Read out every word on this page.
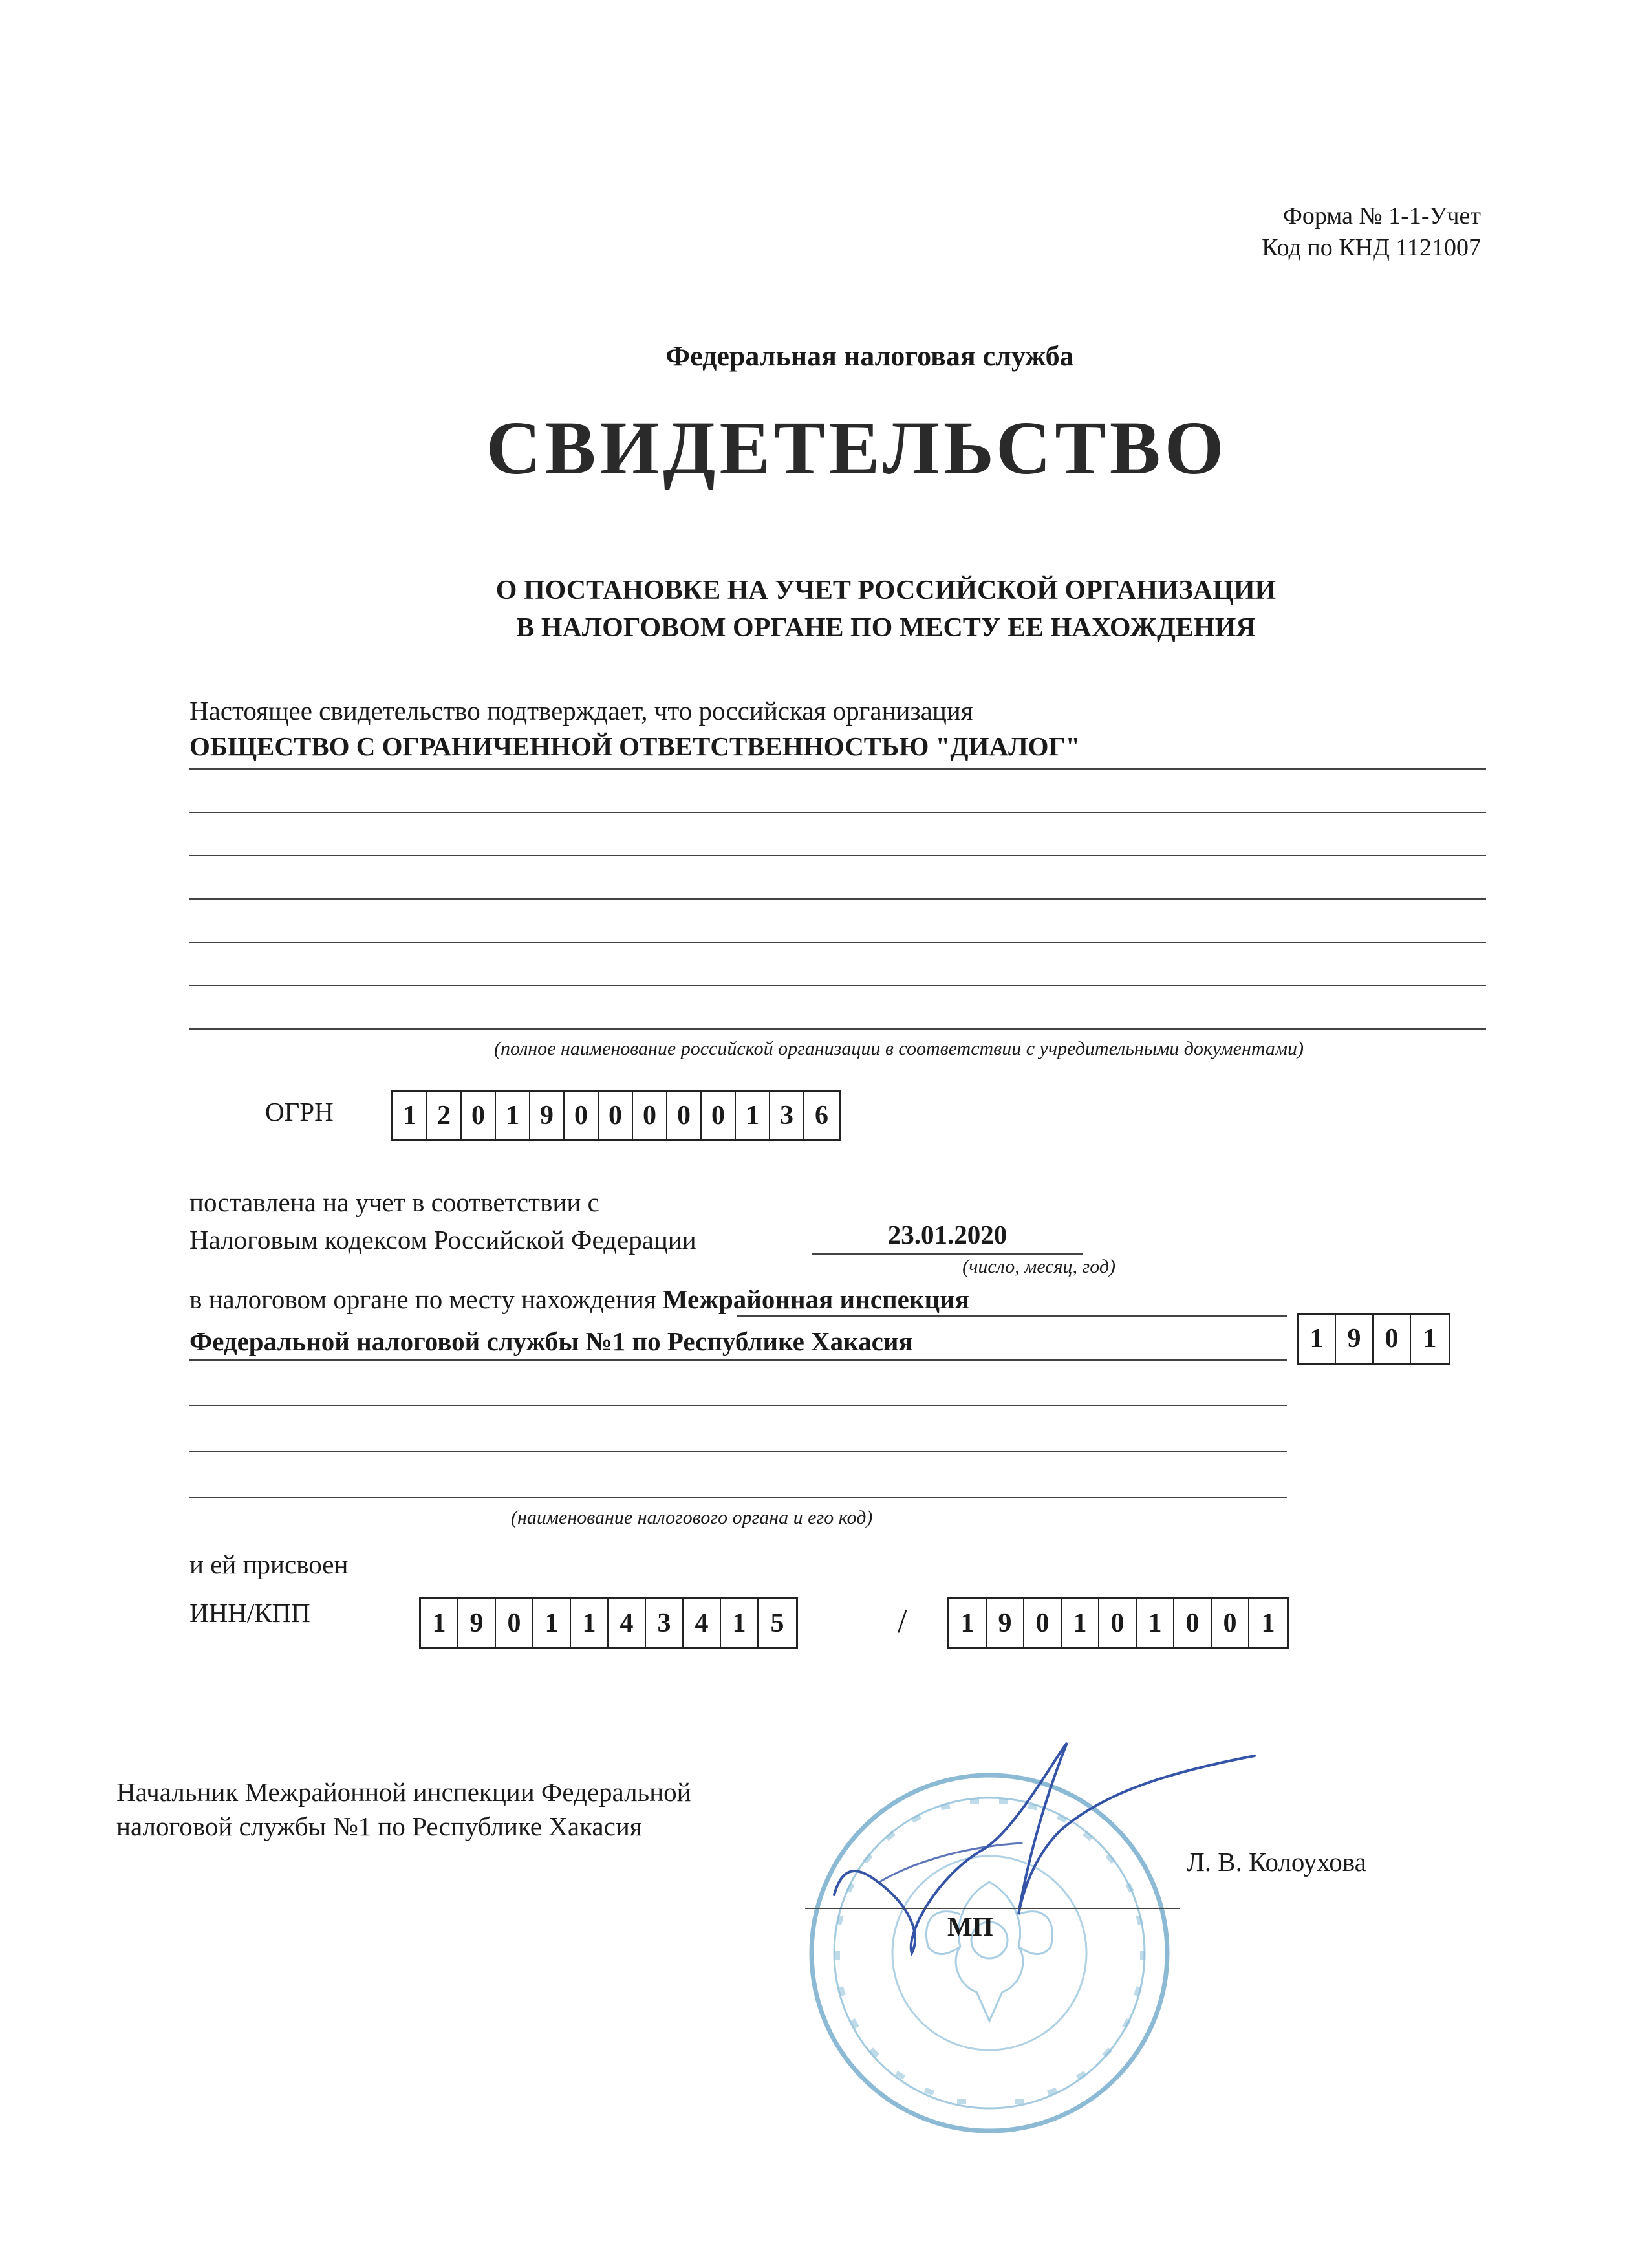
Форма № 1-1-Учет
Код по КНД 1121007
Федеральная налоговая служба
СВИДЕТЕЛЬСТВО
О ПОСТАНОВКЕ НА УЧЕТ РОССИЙСКОЙ ОРГАНИЗАЦИИ
В НАЛОГОВОМ ОРГАНЕ ПО МЕСТУ ЕЕ НАХОЖДЕНИЯ
Настоящее свидетельство подтверждает, что российская организация
ОБЩЕСТВО С ОГРАНИЧЕННОЙ ОТВЕТСТВЕННОСТЬЮ "ДИАЛОГ"
(полное наименование российской организации в соответствии с учредительными документами)
ОГРН	1 2 0 1 9 0 0 0 0 0 1 3 6
поставлена на учет в соответствии с
Налоговым кодексом Российской Федерации	23.01.2020
(число, месяц, год)
в налоговом органе по месту нахождения Межрайонная инспекция
Федеральной налоговой службы №1 по Республике Хакасия	1 9 0 1
(наименование налогового органа и его код)
и ей присвоен
ИНН/КПП	1 9 0 1 1 4 3 4 1 5	/	1 9 0 1 0 1 0 0 1
Начальник Межрайонной инспекции Федеральной
налоговой службы №1 по Республике Хакасия
МП
Л. В. Колоухова
